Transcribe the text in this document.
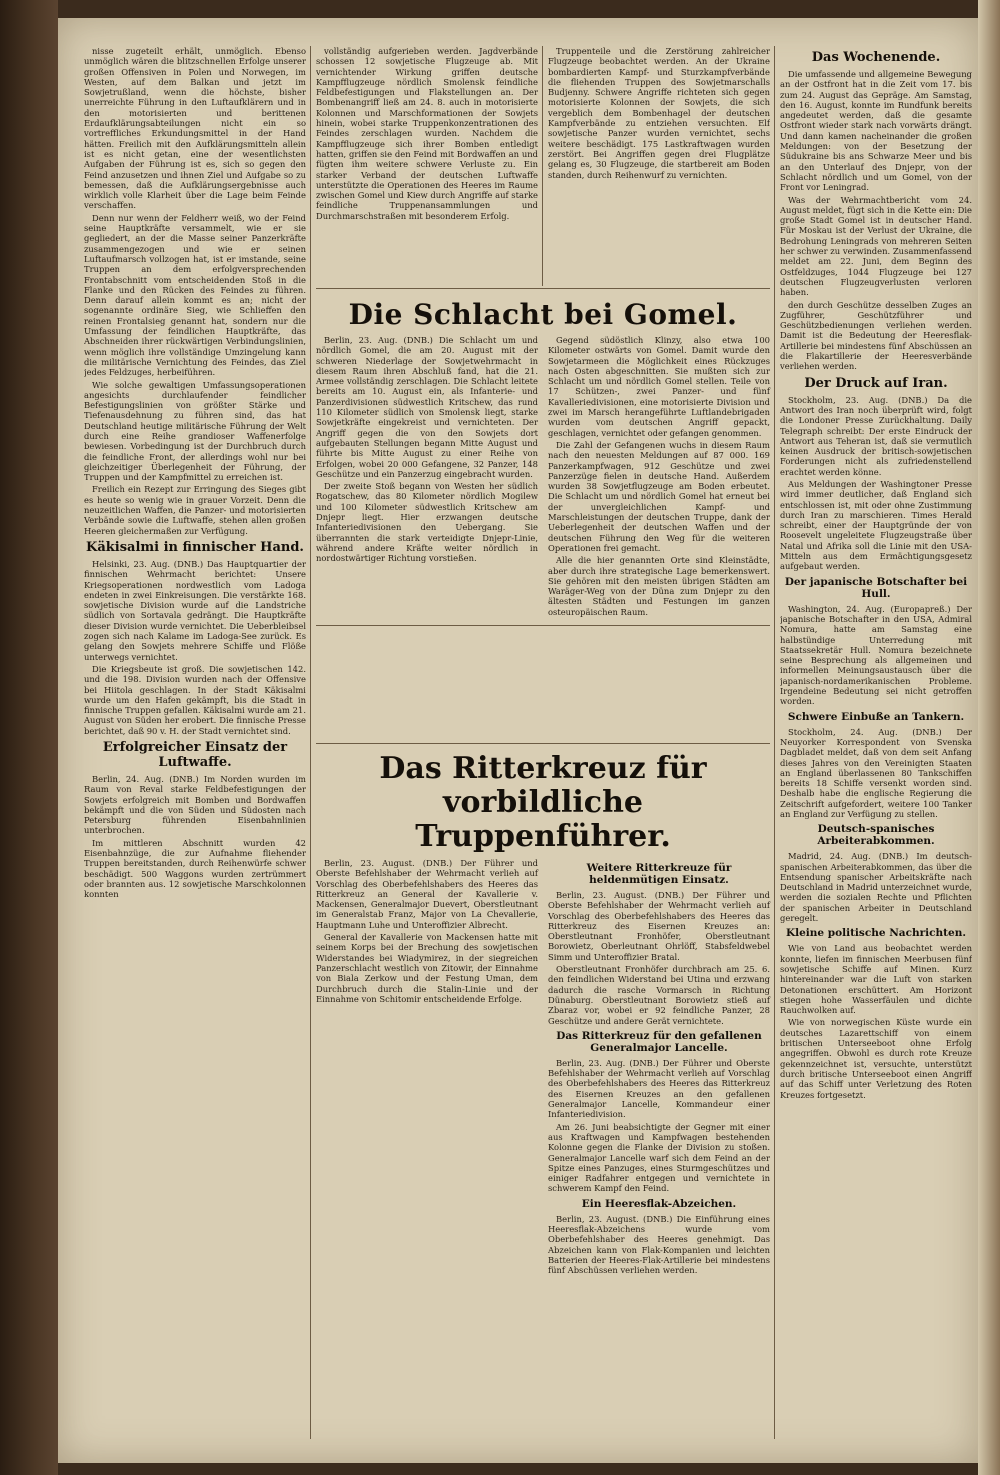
nisse zugeteilt erhält, unmöglich. Ebenso unmöglich wären die blitzschnellen Erfolge unserer großen Offensiven in Polen und Norwegen, im Westen, auf dem Balkan und jetzt im Sowjetrußland, wenn die höchste, bisher unerreichte Führung in den Luftaufklärern und in den motorisierten und berittenen Erdaufklärungsabteilungen nicht ein so vortreffliches Erkundungsmittel in der Hand hätten. Freilich mit den Aufklärungsmitteln allein ist es nicht getan, eine der wesentlichsten Aufgaben der Führung ist es, sich so gegen den Feind anzusetzen und ihnen Ziel und Aufgabe so zu bemessen, daß die Aufklärungsergebnisse auch wirklich volle Klarheit über die Lage beim Feinde verschaffen.

Denn nur wenn der Feldherr weiß, wo der Feind seine Hauptkräfte versammelt, wie er sie gegliedert, an der die Masse seiner Panzerkräfte zusammengezogen und wie er seinen Luftaufmarsch vollzogen hat, ist er imstande, seine Truppen an dem erfolgversprechenden Frontabschnitt vom entscheidenden Stoß in die Flanke und den Rücken des Feindes zu führen. Denn darauf allein kommt es an; nicht der sogenannte ordinäre Sieg, wie Schlieffen den reinen Frontalsieg genannt hat, sondern nur die Umfassung der feindlichen Hauptkräfte, das Abschneiden ihrer rückwärtigen Verbindungslinien, wenn möglich ihre vollständige Umzingelung kann die militärische Vernichtung des Feindes, das Ziel jedes Feldzuges, herbeiführen.

Wie solche gewaltigen Umfassungsoperationen angesichts durchlaufender feindlicher Befestigungslinien von größter Stärke und Tiefenausdehnung zu führen sind, das hat Deutschland heutige militärische Führung der Welt durch eine Reihe grandioser Waffenerfolge bewiesen. Vorbedingung ist der Durchbruch durch die feindliche Front, der allerdings wohl nur bei gleichzeitiger Überlegenheit der Führung, der Truppen und der Kampfmittel zu erreichen ist.

Freilich ein Rezept zur Erringung des Sieges gibt es heute so wenig wie in grauer Vorzeit. Denn die neuzeitlichen Waffen, die Panzer- und motorisierten Verbände sowie die Luftwaffe, stehen allen großen Heeren gleichermaßen zur Verfügung.

Käkisalmi in finnischer Hand.

Helsinki, 23. Aug. (DNB.) Das Hauptquartier der finnischen Wehrmacht berichtet: Unsere Kriegsoperationen nordwestlich vom Ladoga endeten in zwei Einkreisungen. Die verstärkte 168. sowjetische Division wurde auf die Landstriche südlich von Sortavala gedrängt. Die Hauptkräfte dieser Division wurde vernichtet. Die Ueberbleibsel zogen sich nach Kalame im Ladoga-See zurück. Es gelang den Sowjets mehrere Schiffe und Flöße unterwegs vernichtet.

Die Kriegsbeute ist groß. Die sowjetischen 142. und die 198. Division wurden nach der Offensive bei Hiitola geschlagen. In der Stadt Käkisalmi wurde um den Hafen gekämpft, bis die Stadt in finnische Truppen gefallen. Käkisalmi wurde am 21. August von Süden her erobert. Die finnische Presse berichtet, daß 90 v. H. der Stadt vernichtet sind.

Erfolgreicher Einsatz der Luftwaffe.

Berlin, 24. Aug. (DNB.) Im Norden wurden im Raum von Reval starke Feldbefestigungen der Sowjets erfolgreich mit Bomben und Bordwaffen bekämpft und die von Süden und Südosten nach Petersburg führenden Eisenbahnlinien unterbrochen.

Im mittleren Abschnitt wurden 42 Eisenbahnzüge, die zur Aufnahme fliehender Truppen bereitstanden, durch Reihenwürfe schwer beschädigt. 500 Waggons wurden zertrümmert oder brannten aus. 12 sowjetische Marschkolonnen konnten

vollständig aufgerieben werden. Jagdverbände schossen 12 sowjetische Flugzeuge ab. Mit vernichtender Wirkung griffen deutsche Kampfflugzeuge nördlich Smolensk feindliche Feldbefestigungen und Flakstellungen an. Der Bombenangriff ließ am 24. 8. auch in motorisierte Kolonnen und Marschformationen der Sowjets hinein, wobei starke Truppenkonzentrationen des Feindes zerschlagen wurden. Nachdem die Kampfflugzeuge sich ihrer Bomben entledigt hatten, griffen sie den Feind mit Bordwaffen an und fügten ihm weitere schwere Verluste zu. Ein starker Verband der deutschen Luftwaffe unterstützte die Operationen des Heeres im Raume zwischen Gomel und Kiew durch Angriffe auf starke feindliche Truppenansammlungen und Durchmarschstraßen mit besonderem Erfolg.

Truppenteile und die Zerstörung zahlreicher Flugzeuge beobachtet werden. An der Ukraine bombardierten Kampf- und Sturzkampfverbände die fliehenden Truppen des Sowjetmarschalls Budjenny. Schwere Angriffe richteten sich gegen motorisierte Kolonnen der Sowjets, die sich vergeblich dem Bombenhagel der deutschen Kampfverbände zu entziehen versuchten. Elf sowjetische Panzer wurden vernichtet, sechs weitere beschädigt. 175 Lastkraftwagen wurden zerstört. Bei Angriffen gegen drei Flugplätze gelang es, 30 Flugzeuge, die startbereit am Boden standen, durch Reihenwurf zu vernichten.

Die Schlacht bei Gomel.

Berlin, 23. Aug. (DNB.) Die Schlacht um und nördlich Gomel, die am 20. August mit der schweren Niederlage der Sowjetwehrmacht in diesem Raum ihren Abschluß fand, hat die 21. Armee vollständig zerschlagen. Die Schlacht leitete bereits am 10. August ein, als Infanterie- und Panzerdivisionen südwestlich Kritschew, das rund 110 Kilometer südlich von Smolensk liegt, starke Sowjetkräfte eingekreist und vernichteten. Der Angriff gegen die von den Sowjets dort aufgebauten Stellungen begann Mitte August und führte bis Mitte August zu einer Reihe von Erfolgen, wobei 20 000 Gefangene, 32 Panzer, 148 Geschütze und ein Panzerzug eingebracht wurden.

Der zweite Stoß begann von Westen her südlich Rogatschew, das 80 Kilometer nördlich Mogilew und 100 Kilometer südwestlich Kritschew am Dnjepr liegt. Hier erzwangen deutsche Infanteriedivisionen den Uebergang. Sie überrannten die stark verteidigte Dnjepr-Linie, während andere Kräfte weiter nördlich in nordostwärtiger Richtung vorstießen.

Gegend südöstlich Klinzy, also etwa 100 Kilometer ostwärts von Gomel. Damit wurde den Sowjetarmeen die Möglichkeit eines Rückzuges nach Osten abgeschnitten. Sie mußten sich zur Schlacht um und nördlich Gomel stellen. Teile von 17 Schützen-, zwei Panzer- und fünf Kavalleriedivisionen, eine motorisierte Division und zwei im Marsch herangeführte Luftlandebrigaden wurden vom deutschen Angriff gepackt, geschlagen, vernichtet oder gefangen genommen.

Die Zahl der Gefangenen wuchs in diesem Raum nach den neuesten Meldungen auf 87 000. 169 Panzerkampfwagen, 912 Geschütze und zwei Panzerzüge fielen in deutsche Hand. Außerdem wurden 38 Sowjetflugzeuge am Boden erbeutet. Die Schlacht um und nördlich Gomel hat erneut bei der unvergleichlichen Kampf- und Marschleistungen der deutschen Truppe, dank der Ueberlegenheit der deutschen Waffen und der deutschen Führung den Weg für die weiteren Operationen frei gemacht.

Alle die hier genannten Orte sind Kleinstädte, aber durch ihre strategische Lage bemerkenswert. Sie gehören mit den meisten übrigen Städten am Waräger-Weg von der Düna zum Dnjepr zu den ältesten Städten und Festungen im ganzen osteuropäischen Raum.

Das Ritterkreuz für vorbildliche Truppenführer.

Berlin, 23. August. (DNB.) Der Führer und Oberste Befehlshaber der Wehrmacht verlieh auf Vorschlag des Oberbefehlshabers des Heeres das Ritterkreuz an General der Kavallerie v. Mackensen, Generalmajor Duevert, Oberstleutnant im Generalstab Franz, Major von La Chevallerie, Hauptmann Luhe und Unteroffizier Albrecht.

General der Kavallerie von Mackensen hatte mit seinem Korps bei der Brechung des sowjetischen Widerstandes bei Wiadymirez, in der siegreichen Panzerschlacht westlich von Zitowir, der Einnahme von Biala Zerkow und der Festung Uman, dem Durchbruch durch die Stalin-Linie und der Einnahme von Schitomir entscheidende Erfolge.

Weitere Ritterkreuze für heldenmütigen Einsatz.

Berlin, 23. August. (DNB.) Der Führer und Oberste Befehlshaber der Wehrmacht verlieh auf Vorschlag des Oberbefehlshabers des Heeres das Ritterkreuz des Eisernen Kreuzes an: Oberstleutnant Fronhöfer, Oberstleutnant Borowietz, Oberleutnant Ohrlöff, Stabsfeldwebel Simm und Unteroffizier Bratal.

Oberstleutnant Fronhöfer durchbrach am 25. 6. den feindlichen Widerstand bei Utina und erzwang dadurch die rasche Vormarsch in Richtung Dünaburg. Oberstleutnant Borowietz stieß auf Zbaraz vor, wobei er 92 feindliche Panzer, 28 Geschütze und andere Gerät vernichtete.

Das Ritterkreuz für den gefallenen Generalmajor Lancelle.

Berlin, 23. Aug. (DNB.) Der Führer und Oberste Befehlshaber der Wehrmacht verlieh auf Vorschlag des Oberbefehlshabers des Heeres das Ritterkreuz des Eisernen Kreuzes an den gefallenen Generalmajor Lancelle, Kommandeur einer Infanteriedivision.

Am 26. Juni beabsichtigte der Gegner mit einer aus Kraftwagen und Kampfwagen bestehenden Kolonne gegen die Flanke der Division zu stoßen. Generalmajor Lancelle warf sich dem Feind an der Spitze eines Panzuges, eines Sturmgeschützes und einiger Radfahrer entgegen und vernichtete in schwerem Kampf den Feind.

Ein Heeresflak-Abzeichen.

Berlin, 23. August. (DNB.) Die Einführung eines Heeresflak-Abzeichens wurde vom Oberbefehlshaber des Heeres genehmigt. Das Abzeichen kann von Flak-Kompanien und leichten Batterien der Heeres-Flak-Artillerie bei mindestens fünf Abschüssen verliehen werden.

Das Wochenende.

Die umfassende und allgemeine Bewegung an der Ostfront hat in die Zeit vom 17. bis zum 24. August das Gepräge. Am Samstag, den 16. August, konnte im Rundfunk bereits angedeutet werden, daß die gesamte Ostfront wieder stark nach vorwärts drängt. Und dann kamen nacheinander die großen Meldungen: von der Besetzung der Südukraine bis ans Schwarze Meer und bis an den Unterlauf des Dnjepr, von der Schlacht nördlich und um Gomel, von der Front vor Leningrad.

Was der Wehrmachtbericht vom 24. August meldet, fügt sich in die Kette ein: Die große Stadt Gomel ist in deutscher Hand. Für Moskau ist der Verlust der Ukraine, die Bedrohung Leningrads von mehreren Seiten her schwer zu verwinden. Zusammenfassend meldet am 22. Juni, dem Beginn des Ostfeldzuges, 1044 Flugzeuge bei 127 deutschen Flugzeugverlusten verloren haben.

den durch Geschütze desselben Zuges an Zugführer, Geschützführer und Geschützbedienungen verliehen werden. Damit ist die Bedeutung der Heeresflak-Artillerie bei mindestens fünf Abschüssen an die Flakartillerie der Heeresverbände verliehen werden.

Der Druck auf Iran.

Stockholm, 23. Aug. (DNB.) Da die Antwort des Iran noch überprüft wird, folgt die Londoner Presse Zurückhaltung. Daily Telegraph schreibt: Der erste Eindruck der Antwort aus Teheran ist, daß sie vermutlich keinen Ausdruck der britisch-sowjetischen Forderungen nicht als zufriedenstellend erachtet werden könne.

Aus Meldungen der Washingtoner Presse wird immer deutlicher, daß England sich entschlossen ist, mit oder ohne Zustimmung durch Iran zu marschieren. Times Herald schreibt, einer der Hauptgründe der von Roosevelt ungeleitete Flugzeugstraße über Natal und Afrika soll die Linie mit den USA-Mitteln aus dem Ermächtigungsgesetz aufgebaut werden.

Der japanische Botschafter bei Hull.

Washington, 24. Aug. (Europapreß.) Der japanische Botschafter in den USA, Admiral Nomura, hatte am Samstag eine halbstündige Unterredung mit Staatssekretär Hull. Nomura bezeichnete seine Besprechung als allgemeinen und informellen Meinungsaustausch über die japanisch-nordamerikanischen Probleme. Irgendeine Bedeutung sei nicht getroffen worden.

Schwere Einbuße an Tankern.

Stockholm, 24. Aug. (DNB.) Der Neuyorker Korrespondent von Svenska Dagbladet meldet, daß von dem seit Anfang dieses Jahres von den Vereinigten Staaten an England überlassenen 80 Tankschiffen bereits 18 Schiffe versenkt worden sind. Deshalb habe die englische Regierung die Zeitschrift aufgefordert, weitere 100 Tanker an England zur Verfügung zu stellen.

Deutsch-spanisches Arbeiterabkommen.

Madrid, 24. Aug. (DNB.) Im deutsch-spanischen Arbeiterabkommen, das über die Entsendung spanischer Arbeitskräfte nach Deutschland in Madrid unterzeichnet wurde, werden die sozialen Rechte und Pflichten der spanischen Arbeiter in Deutschland geregelt.

Kleine politische Nachrichten.

Wie von Land aus beobachtet werden konnte, liefen im finnischen Meerbusen fünf sowjetische Schiffe auf Minen. Kurz hintereinander war die Luft von starken Detonationen erschüttert. Am Horizont stiegen hohe Wasserfäulen und dichte Rauchwolken auf.

Wie von norwegischen Küste wurde ein deutsches Lazarettschiff von einem britischen Unterseeboot ohne Erfolg angegriffen. Obwohl es durch rote Kreuze gekennzeichnet ist, versuchte, unterstützt durch britische Unterseeboot einen Angriff auf das Schiff unter Verletzung des Roten Kreuzes fortgesetzt.
